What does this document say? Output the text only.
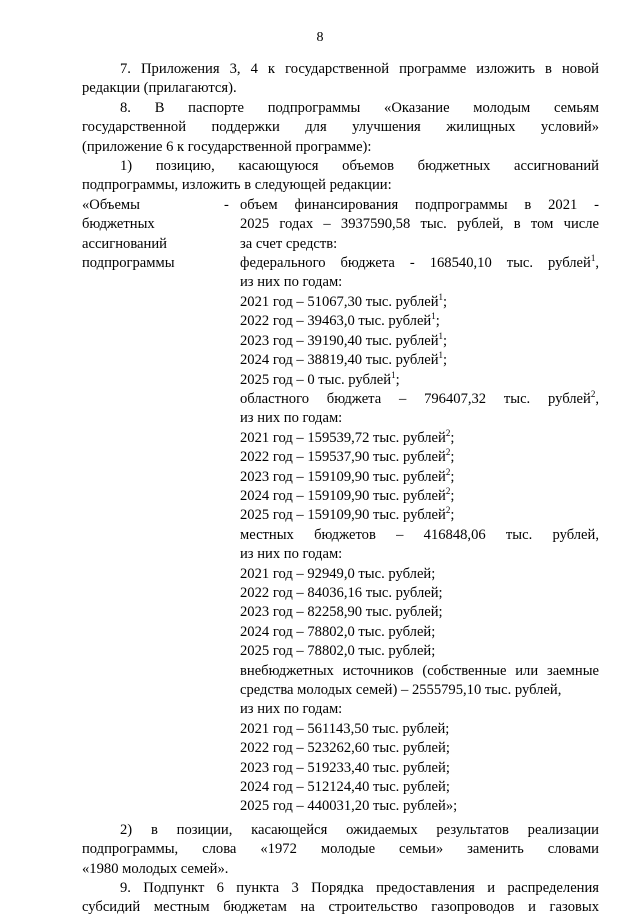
8

7. Приложения 3, 4 к государственной программе изложить в новой редакции (прилагаются).

8. В паспорте подпрограммы «Оказание молодым семьям
государственной поддержки для улучшения жилищных условий»
(приложение 6 к государственной программе):
1) позицию, касающуюся объемов бюджетных ассигнований
подпрограммы, изложить в следующей редакции:
«Объемы
бюджетных
ассигнований
подпрограммы
- объем финансирования подпрограммы в 2021 -
2025 годах – 3937590,58 тыс. рублей, в том числе
за счет средств:
федерального бюджета - 168540,10 тыс. рублей$^1$,
из них по годам:
2021 год – 51067,30 тыс. рублей$^1$;
2022 год – 39463,0 тыс. рублей$^1$;
2023 год – 39190,40 тыс. рублей$^1$;
2024 год – 38819,40 тыс. рублей$^1$;
2025 год – 0 тыс. рублей$^1$;
областного бюджета – 796407,32 тыс. рублей$^2$,
из них по годам:
2021 год – 159539,72 тыс. рублей$^2$;
2022 год – 159537,90 тыс. рублей$^2$;
2023 год – 159109,90 тыс. рублей$^2$;
2024 год – 159109,90 тыс. рублей$^2$;
2025 год – 159109,90 тыс. рублей$^2$;
местных бюджетов – 416848,06 тыс. рублей,
из них по годам:
2021 год – 92949,0 тыс. рублей;
2022 год – 84036,16 тыс. рублей;
2023 год – 82258,90 тыс. рублей;
2024 год – 78802,0 тыс. рублей;
2025 год – 78802,0 тыс. рублей;
внебюджетных источников (собственные или заемные
средства молодых семей) – 2555795,10 тыс. рублей,
из них по годам:
2021 год – 561143,50 тыс. рублей;
2022 год – 523262,60 тыс. рублей;
2023 год – 519233,40 тыс. рублей;
2024 год – 512124,40 тыс. рублей;
2025 год – 440031,20 тыс. рублей»;
2) в позиции, касающейся ожидаемых результатов реализации
подпрограммы, слова «1972 молодые семьи» заменить словами
«1980 молодых семей».
9. Подпункт 6 пункта 3 Порядка предоставления и распределения
субсидий местным бюджетам на строительство газопроводов и газовых
